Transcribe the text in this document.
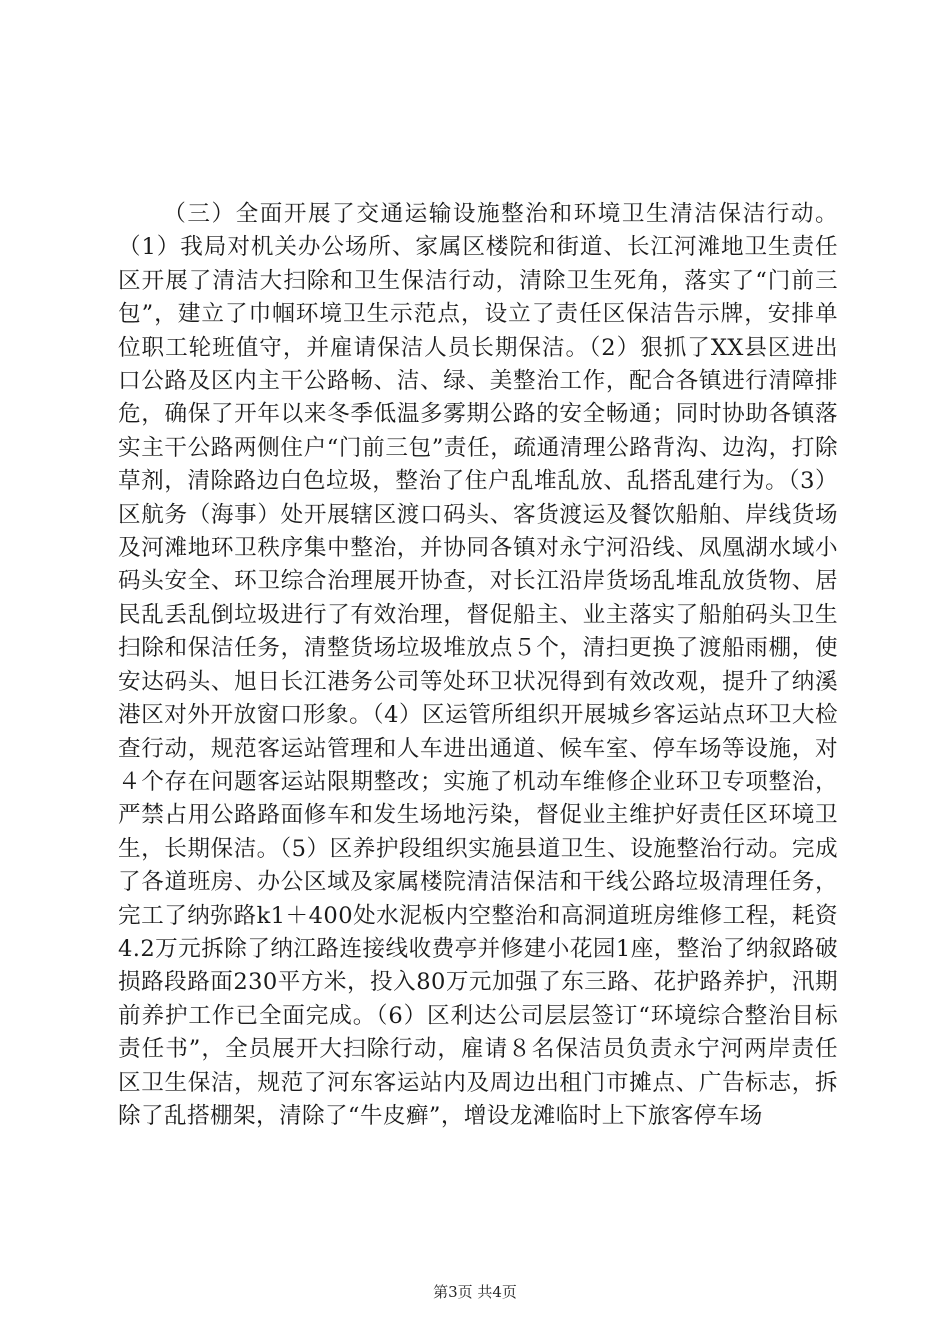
（三）全面开展了交通运输设施整治和环境卫生清洁保洁行动。（1）我局对机关办公场所、家属区楼院和街道、长江河滩地卫生责任区开展了清洁大扫除和卫生保洁行动，清除卫生死角，落实了“门前三包”，建立了巾帼环境卫生示范点，设立了责任区保洁告示牌，安排单位职工轮班值守，并雇请保洁人员长期保洁。（2）狠抓了XX县区进出口公路及区内主干公路畅、洁、绿、美整治工作，配合各镇进行清障排危，确保了开年以来冬季低温多雾期公路的安全畅通；同时协助各镇落实主干公路两侧住户“门前三包”责任，疏通清理公路背沟、边沟，打除草剂，清除路边白色垃圾，整治了住户乱堆乱放、乱搭乱建行为。（3）区航务（海事）处开展辖区渡口码头、客货渡运及餐饮船舶、岸线货场及河滩地环卫秩序集中整治，并协同各镇对永宁河沿线、凤凰湖水域小码头安全、环卫综合治理展开协查，对长江沿岸货场乱堆乱放货物、居民乱丢乱倒垃圾进行了有效治理，督促船主、业主落实了船舶码头卫生扫除和保洁任务，清整货场垃圾堆放点５个，清扫更换了渡船雨棚，使安达码头、旭日长江港务公司等处环卫状况得到有效改观，提升了纳溪港区对外开放窗口形象。（4）区运管所组织开展城乡客运站点环卫大检查行动，规范客运站管理和人车进出通道、候车室、停车场等设施，对４个存在问题客运站限期整改；实施了机动车维修企业环卫专项整治，严禁占用公路路面修车和发生场地污染，督促业主维护好责任区环境卫生，长期保洁。（5）区养护段组织实施县道卫生、设施整治行动。完成了各道班房、办公区域及家属楼院清洁保洁和干线公路垃圾清理任务，完工了纳弥路k1＋400处水泥板内空整治和高洞道班房维修工程，耗资4.2万元拆除了纳江路连接线收费亭并修建小花园1座，整治了纳叙路破损路段路面230平方米，投入80万元加强了东三路、花护路养护，汛期前养护工作已全面完成。（6）区利达公司层层签订“环境综合整治目标责任书”，全员展开大扫除行动，雇请８名保洁员负责永宁河两岸责任区卫生保洁，规范了河东客运站内及周边出租门市摊点、广告标志，拆除了乱搭棚架，清除了“牛皮癣”，增设龙滩临时上下旅客停车场

第3页 共4页
